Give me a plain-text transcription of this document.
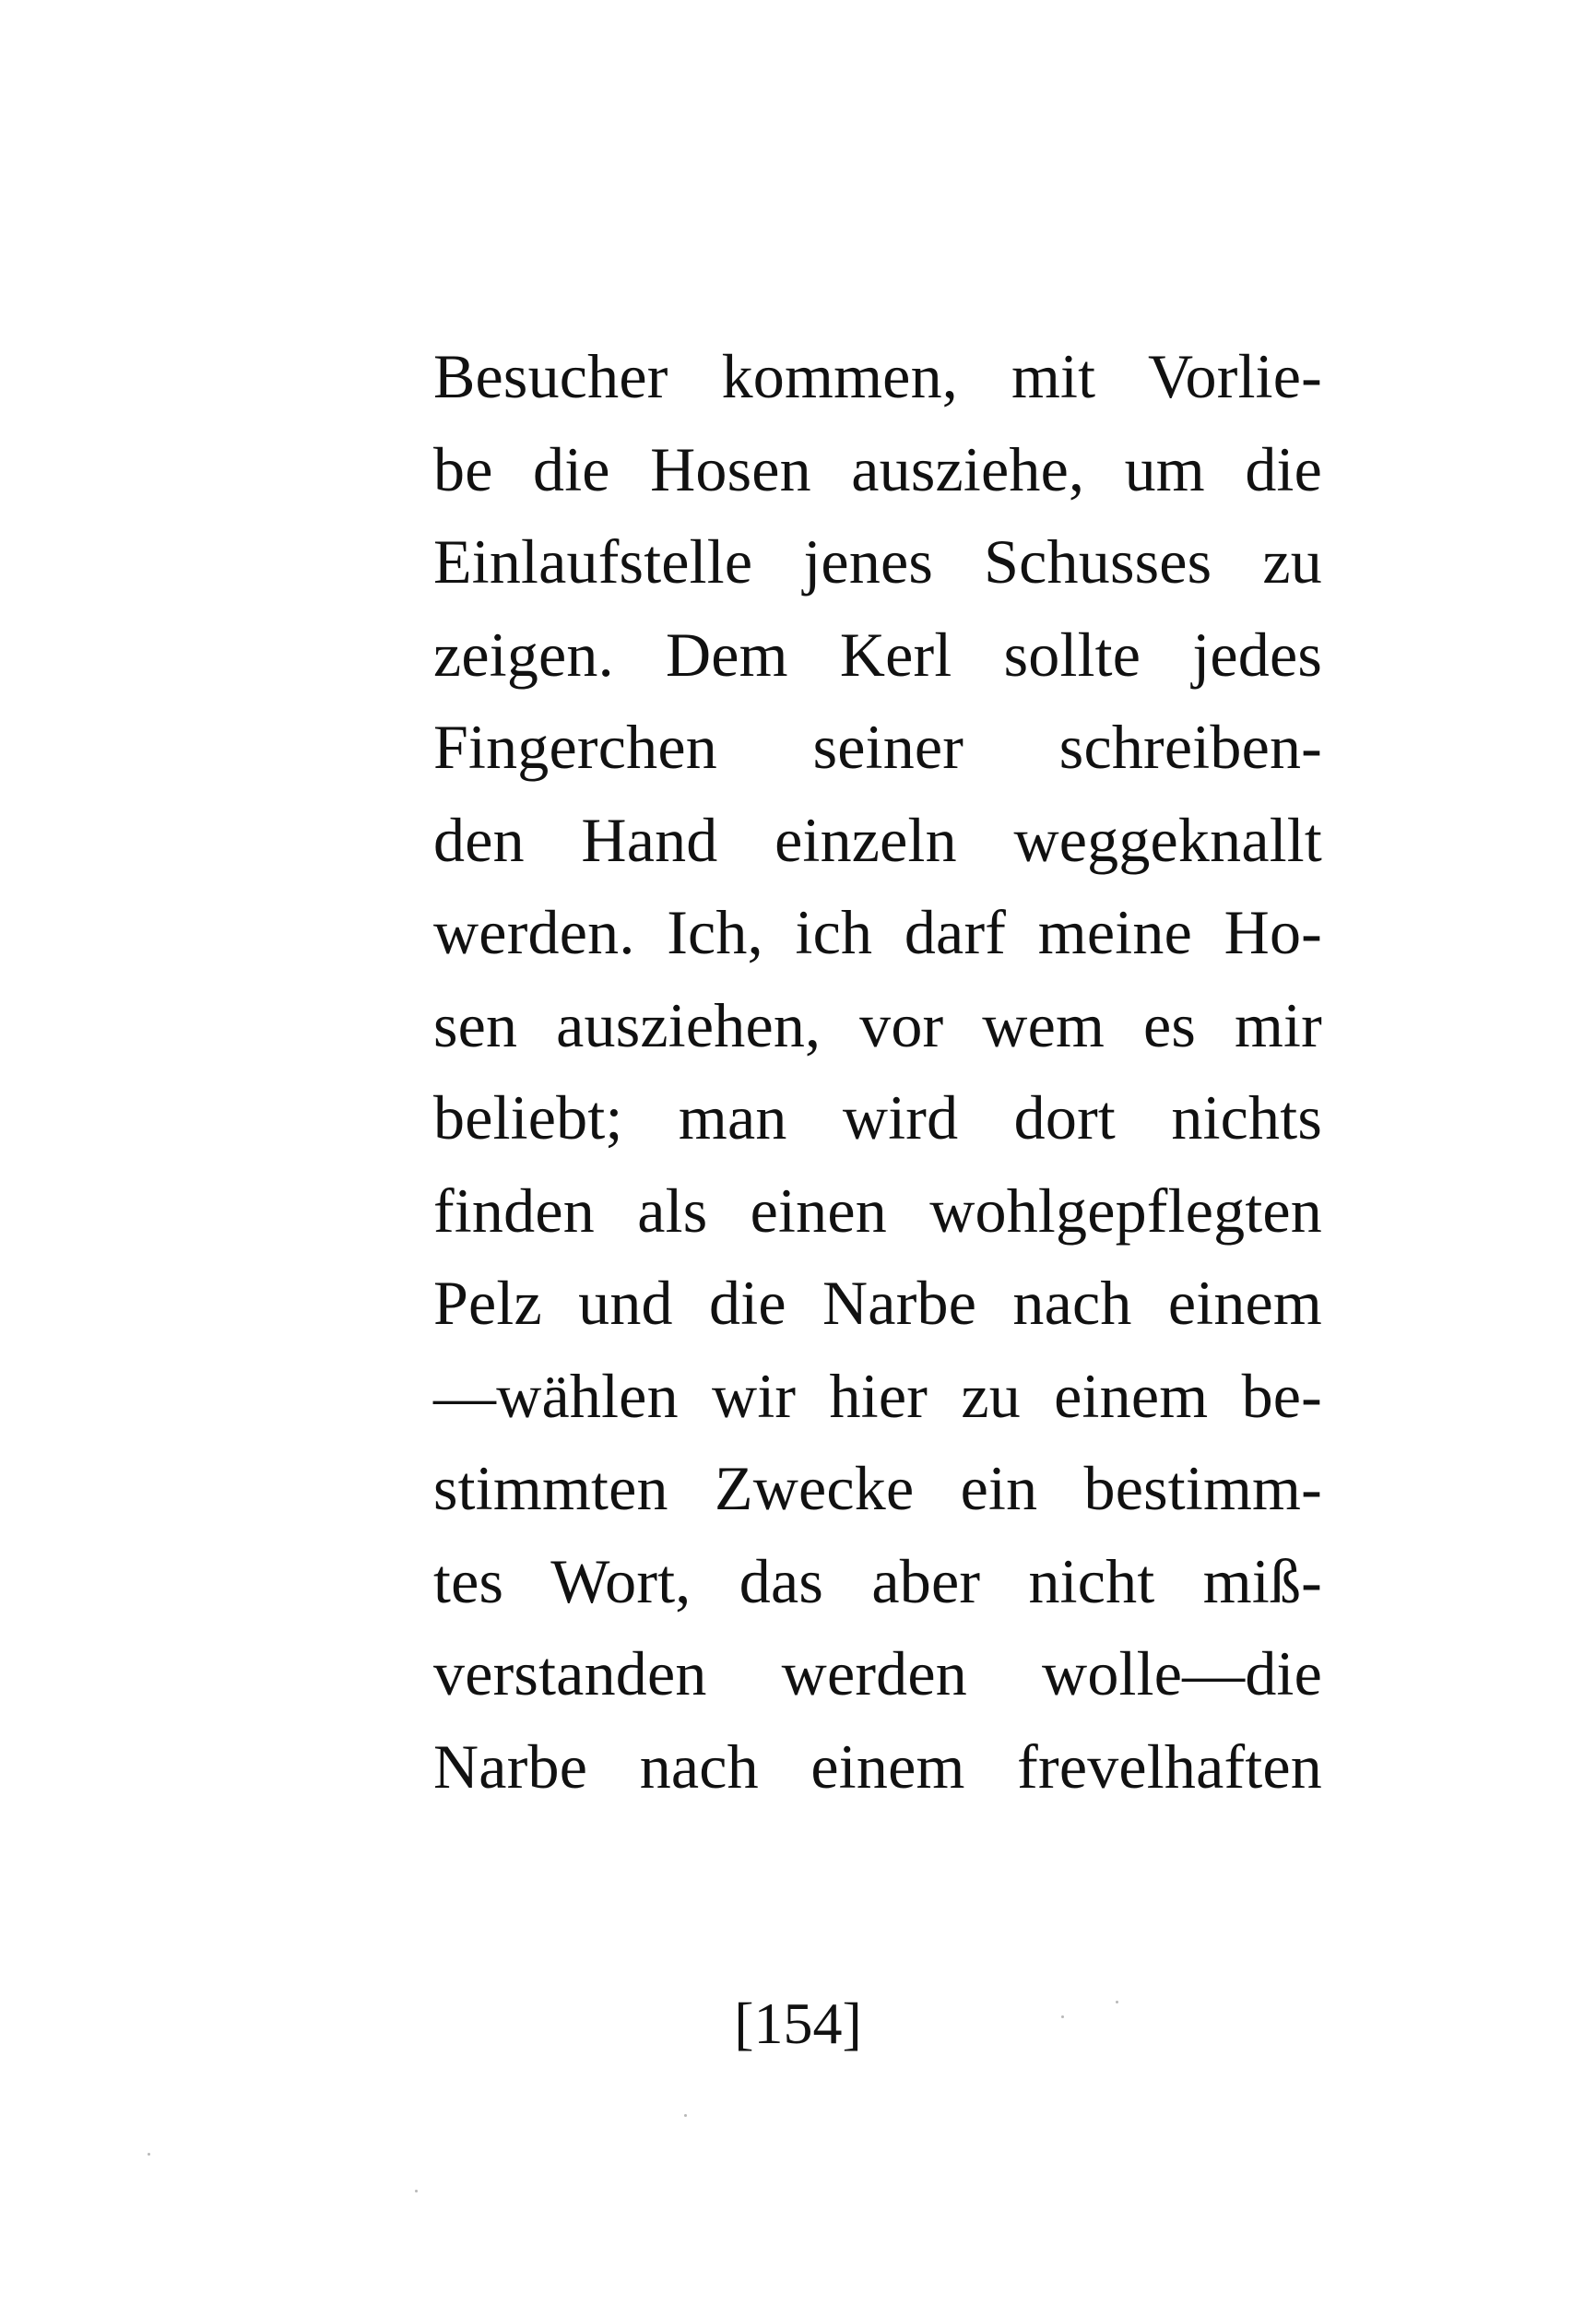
Besucher kommen, mit Vorlie-
be die Hosen ausziehe, um die
Einlaufstelle jenes Schusses zu
zeigen. Dem Kerl sollte jedes
Fingerchen seiner schreiben-
den Hand einzeln weggeknallt
werden. Ich, ich darf meine Ho-
sen ausziehen, vor wem es mir
beliebt; man wird dort nichts
finden als einen wohlgepflegten
Pelz und die Narbe nach einem
—wählen wir hier zu einem be-
stimmten Zwecke ein bestimm-
tes Wort, das aber nicht miß-
verstanden werden wolle—die
Narbe nach einem frevelhaften
[154]
